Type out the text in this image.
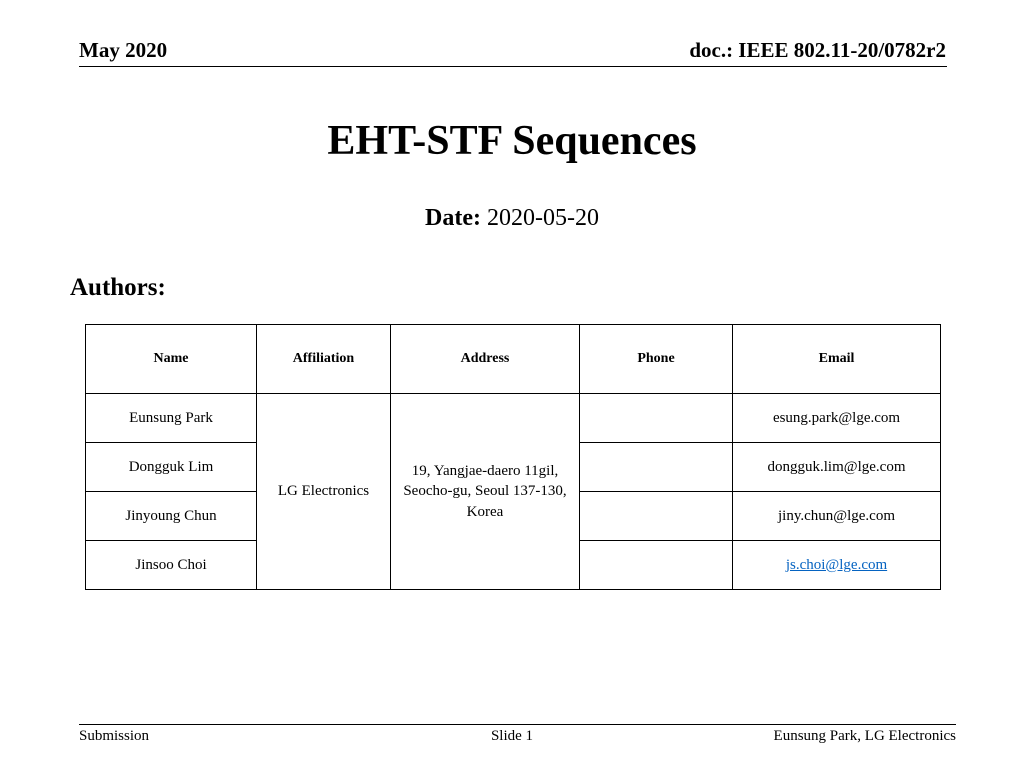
May 2020	doc.: IEEE 802.11-20/0782r2
EHT-STF Sequences
Date: 2020-05-20
Authors:
Name	Affiliation	Address	Phone	Email
Eunsung Park	LG Electronics	19, Yangjae-daero 11gil, Seocho-gu, Seoul 137-130, Korea		esung.park@lge.com
Dongguk Lim				dongguk.lim@lge.com
Jinyoung Chun				jiny.chun@lge.com
Jinsoo Choi				js.choi@lge.com
Submission	Slide 1	Eunsung Park, LG Electronics
